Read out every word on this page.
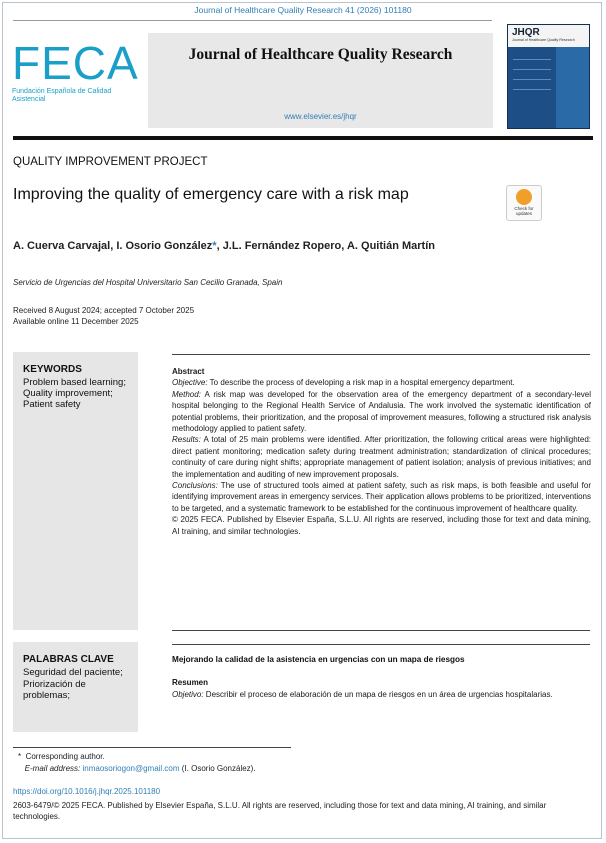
Journal of Healthcare Quality Research 41 (2026) 101180
FECA
Fundación Española de Calidad Asistencial
Journal of Healthcare Quality Research
www.elsevier.es/jhqr
JHQR
Journal of Healthcare Quality Research
QUALITY IMPROVEMENT PROJECT
Improving the quality of emergency care with a risk map
Check for updates
A. Cuerva Carvajal, I. Osorio González*, J.L. Fernández Ropero, A. Quitián Martín
Servicio de Urgencias del Hospital Universitario San Cecilio Granada, Spain
Received 8 August 2024; accepted 7 October 2025
Available online 11 December 2025
KEYWORDS
Problem based learning;
Quality improvement;
Patient safety

Abstract

Objective: To describe the process of developing a risk map in a hospital emergency department.

Method: A risk map was developed for the observation area of the emergency department of a secondary-level hospital belonging to the Regional Health Service of Andalusia. The work involved the systematic identification of potential problems, their prioritization, and the proposal of improvement measures, following a structured risk analysis methodology applied to patient safety.

Results: A total of 25 main problems were identified. After prioritization, the following critical areas were highlighted: direct patient monitoring; medication safety during treatment administration; standardization of clinical procedures; continuity of care during night shifts; appropriate management of patient isolation; analysis of previous initiatives; and the implementation and auditing of new improvement proposals.

Conclusions: The use of structured tools aimed at patient safety, such as risk maps, is both feasible and useful for identifying improvement areas in emergency services. Their application allows problems to be prioritized, interventions to be targeted, and a systematic framework to be established for the continuous improvement of healthcare quality.

© 2025 FECA. Published by Elsevier España, S.L.U. All rights are reserved, including those for text and data mining, AI training, and similar technologies.

PALABRAS CLAVE
Seguridad del paciente;
Priorización de problemas;
Mejorando la calidad de la asistencia en urgencias con un mapa de riesgos
Resumen
Objetivo: Describir el proceso de elaboración de un mapa de riesgos en un área de urgencias hospitalarias.
* Corresponding author.
E-mail address: inmaosoriogon@gmail.com (I. Osorio González).
https://doi.org/10.1016/j.jhqr.2025.101180
2603-6479/© 2025 FECA. Published by Elsevier España, S.L.U. All rights are reserved, including those for text and data mining, AI training, and similar technologies.
